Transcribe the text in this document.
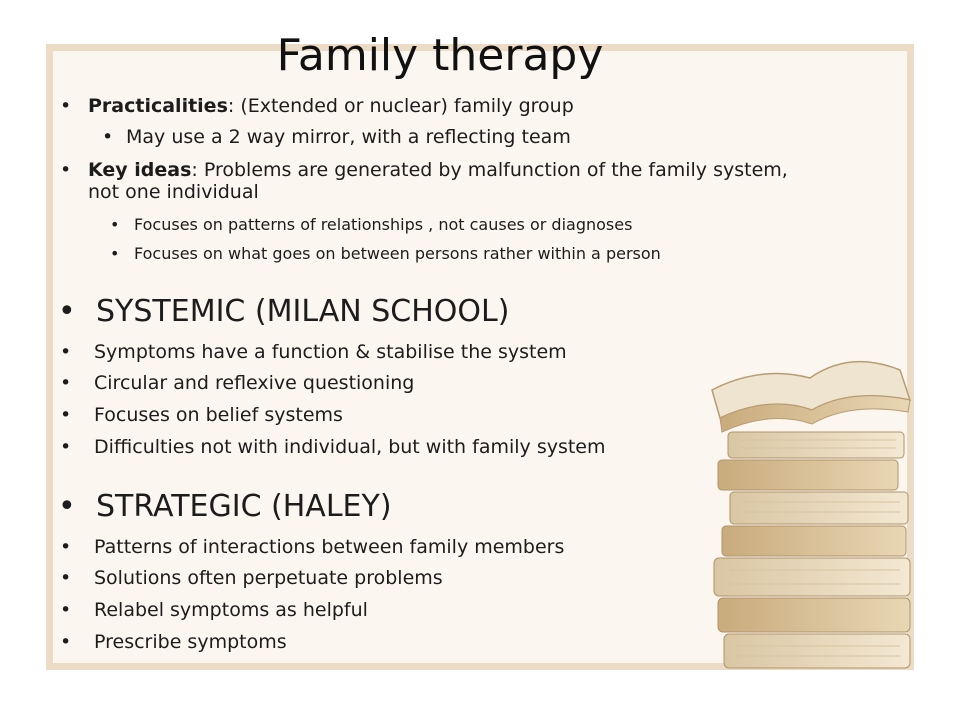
Family therapy
• Practicalities: (Extended or nuclear) family group
• May use a 2 way mirror, with a reflecting team
• Key ideas: Problems are generated by malfunction of the family system,
not one individual
• Focuses on patterns of relationships , not causes or diagnoses
• Focuses on what goes on between persons rather within a person
• SYSTEMIC (MILAN SCHOOL)
• Symptoms have a function & stabilise the system
• Circular and reflexive questioning
• Focuses on belief systems
• Difficulties not with individual, but with family system
• STRATEGIC (HALEY)
• Patterns of interactions between family members
• Solutions often perpetuate problems
• Relabel symptoms as helpful
• Prescribe symptoms
